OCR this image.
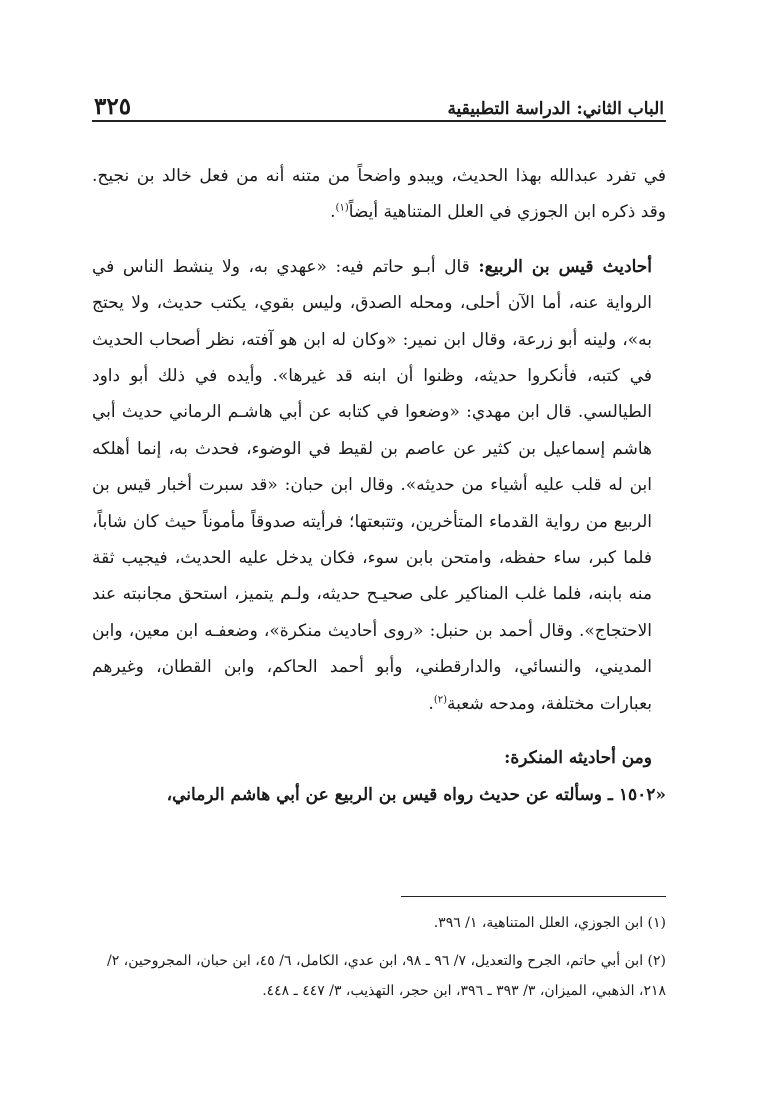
الباب الثاني: الدراسة التطبيقية
٣٢٥

في تفرد عبدالله بهذا الحديث، ويبدو واضحاً من متنه أنه من فعل خالد بن نجيح. وقد ذكره ابن الجوزي في العلل المتناهية أيضاً$^{(١)}$.

أحاديث قيس بن الربيع: قال أبـو حاتم فيه: «عهدي به، ولا ينشط الناس في الرواية عنه، أما الآن أحلى، ومحله الصدق، وليس بقوي، يكتب حديث، ولا يحتج به»، ولينه أبو زرعة، وقال ابن نمير: «وكان له ابن هو آفته، نظر أصحاب الحديث في كتبه، فأنكروا حديثه، وظنوا أن ابنه قد غيرها». وأيده في ذلك أبو داود الطيالسي. قال ابن مهدي: «وضعوا في كتابه عن أبي هاشـم الرماني حديث أبي هاشم إسماعيل بن كثير عن عاصم بن لقيط في الوضوء، فحدث به، إنما أهلكه ابن له قلب عليه أشياء من حديثه». وقال ابن حبان: «قد سبرت أخبار قيس بن الربيع من رواية القدماء المتأخرين، وتتبعتها؛ فرأيته صدوقاً مأموناً حيث كان شاباً، فلما كبر، ساء حفظه، وامتحن بابن سوء، فكان يدخل عليه الحديث، فيجيب ثقة منه بابنه، فلما غلب المناكير على صحيـح حديثه، ولـم يتميز، استحق مجانبته عند الاحتجاج». وقال أحمد بن حنبل: «روى أحاديث منكرة»، وضعفـه ابن معين، وابن المديني، والنسائي، والدارقطني، وأبو أحمد الحاكم، وابن القطان، وغيرهم بعبارات مختلفة، ومدحه شعبة$^{(٢)}$.

ومن أحاديثه المنكرة:

«١٥٠٢ ـ وسألته عن حديث رواه قيس بن الربيع عن أبي هاشم الرماني،

(١) ابن الجوزي، العلل المتناهية، ١/ ٣٩٦.

(٢) ابن أبي حاتم، الجرح والتعديل، ٧/ ٩٦ ـ ٩٨، ابن عدي، الكامل، ٦/ ٤٥، ابن حبان، المجروحين، ٢/ ٢١٨، الذهبي، الميزان، ٣/ ٣٩٣ ـ ٣٩٦، ابن حجر، التهذيب، ٣/ ٤٤٧ ـ ٤٤٨.
